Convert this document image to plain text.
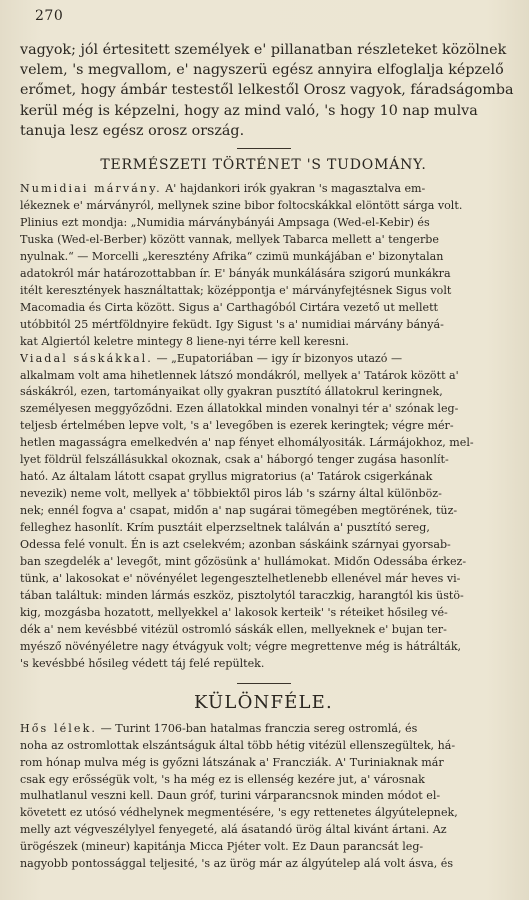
270
vagyok; jól értesitett személyek e' pillanatban részleteket közölnek
velem, 's megvallom, e' nagyszerü egész annyira elfoglalja képzelő
erőmet, hogy ámbár testestől lelkestől Orosz vagyok, fáradságomba
kerül még is képzelni, hogy az mind való, 's hogy 10 nap mulva
tanuja lesz egész orosz ország.
TERMÉSZETI TÖRTÉNET 'S TUDOMÁNY.
Numidiai márvány. A' hajdankori irók gyakran 's magasztalva em-
lékeznek e' márványról, mellynek szine bibor foltocskákkal elöntött sárga volt.
Plinius ezt mondja: „Numidia márványbányái Ampsaga (Wed-el-Kebir) és
Tuska (Wed-el-Berber) között vannak, mellyek Tabarca mellett a' tengerbe
nyulnak.“ — Morcelli „keresztény Afrika“ czimü munkájában e' bizonytalan
adatokról már határozottabban ír. E' bányák munkálására szigorú munkákra
itélt keresztények használtattak; középpontja e' márványfejtésnek Sigus volt
Macomadia és Cirta között. Sigus a' Carthagóból Cirtára vezető ut mellett
utóbbitól 25 mértföldnyire feküdt. Igy Sigust 's a' numidiai márvány bányá-
kat Algiertól keletre mintegy 8 liene-nyi térre kell keresni.
Viadal sáskákkal. — „Eupatoriában — igy ír bizonyos utazó —
alkalmam volt ama hihetlennek látszó mondákról, mellyek a' Tatárok között a'
sáskákról, ezen, tartományaikat olly gyakran pusztító állatokrul keringnek,
személyesen meggyőződni. Ezen állatokkal minden vonalnyi tér a' szónak leg-
teljesb értelmében lepve volt, 's a' levegőben is ezerek keringtek; végre mér-
hetlen magasságra emelkedvén a' nap fényet elhomályositák. Lármájokhoz, mel-
lyet földrül felszállásukkal okoznak, csak a' háborgó tenger zugása hasonlít-
ható. Az általam látott csapat gryllus migratorius (a' Tatárok csigerkának
nevezik) neme volt, mellyek a' többiektől piros láb 's szárny által különböz-
nek; ennél fogva a' csapat, midőn a' nap sugárai tömegében megtörének, tüz-
felleghez hasonlít. Krím pusztáit elperzseltnek találván a' pusztító sereg,
Odessa felé vonult. Én is azt cselekvém; azonban sáskáink szárnyai gyorsab-
ban szegdelék a' levegőt, mint gőzösünk a' hullámokat. Midőn Odessába érkez-
tünk, a' lakosokat e' növényélet legengesztelhetlenebb ellenével már heves vi-
tában találtuk: minden lármás eszköz, pisztolytól taraczkig, harangtól kis üstö-
kig, mozgásba hozatott, mellyekkel a' lakosok kerteik' 's réteiket hősileg vé-
dék a' nem kevésbbé vitézül ostromló sáskák ellen, mellyeknek e' bujan ter-
myésző növényéletre nagy étvágyuk volt; végre megrettenve még is hátrálták,
's kevésbbé hősileg védett táj felé repültek.
KÜLÖNFÉLE.
Hős lélek. — Turint 1706-ban hatalmas franczia sereg ostromlá, és
noha az ostromlottak elszántságuk által több hétig vitézül ellenszegültek, há-
rom hónap mulva még is győzni látszának a' Francziák. A' Turiniaknak már
csak egy erősségük volt, 's ha még ez is ellenség kezére jut, a' városnak
mulhatlanul veszni kell. Daun gróf, turini várparancsnok minden módot el-
követett ez utósó védhelynek megmentésére, 's egy rettenetes álgyútelepnek,
melly azt végveszélylyel fenyegeté, alá ásatandó ürög által kivánt ártani. Az
ürögészek (mineur) kapitánja Micca Pjéter volt. Ez Daun parancsát leg-
nagyobb pontossággal teljesité, 's az ürög már az álgyútelep alá volt ásva, és
